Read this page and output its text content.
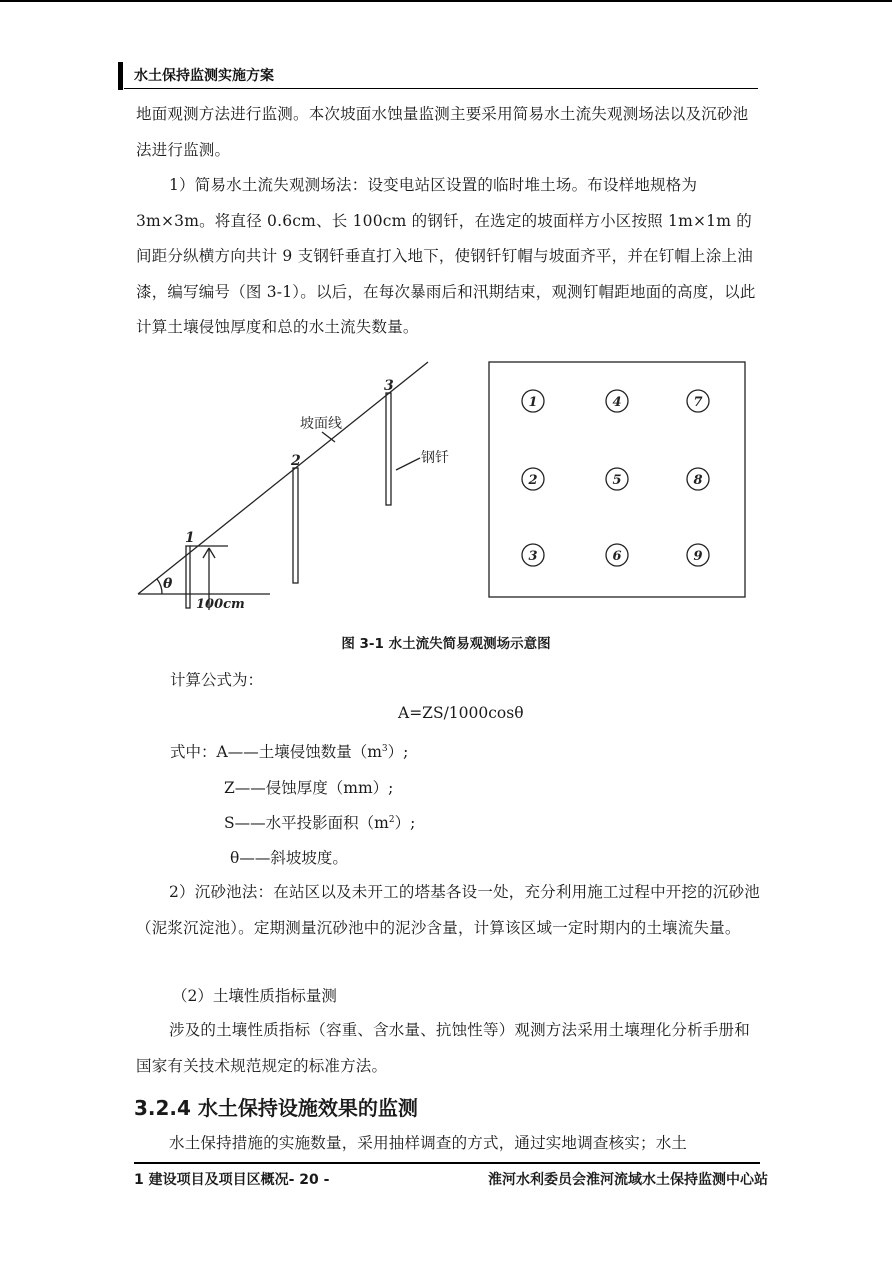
水土保持监测实施方案

地面观测方法进行监测。本次坡面水蚀量监测主要采用简易水土流失观测场法以及沉砂池法进行监测。

1）简易水土流失观测场法：设变电站区设置的临时堆土场。布设样地规格为 3m×3m。将直径 0.6cm、长 100cm 的钢钎，在选定的坡面样方小区按照 1m×1m 的间距分纵横方向共计 9 支钢钎垂直打入地下，使钢钎钉帽与坡面齐平，并在钉帽上涂上油漆，编写编号（图 3-1）。以后，在每次暴雨后和汛期结束，观测钉帽距地面的高度，以此计算土壤侵蚀厚度和总的水土流失数量。

坡面线
钢钎
1
2
3
θ
100cm
1	4	7
2	5	8
3	6	9
图 3-1 水土流失简易观测场示意图
计算公式为：
A=ZS/1000cosθ
式中：A——土壤侵蚀数量$(m^3)$;
Z——侵蚀厚度（mm）;
S——水平投影面积$(m^2)$;
θ——斜坡坡度。

2）沉砂池法：在站区以及未开工的塔基各设一处，充分利用施工过程中开挖的沉砂池（泥浆沉淀池）。定期测量沉砂池中的泥沙含量，计算该区域一定时期内的土壤流失量。

（2）土壤性质指标量测

涉及的土壤性质指标（容重、含水量、抗蚀性等）观测方法采用土壤理化分析手册和国家有关技术规范规定的标准方法。

3.2.4 水土保持设施效果的监测

水土保持措施的实施数量，采用抽样调查的方式，通过实地调查核实；水土

1 建设项目及项目区概况- 20 -	淮河水利委员会淮河流域水土保持监测中心站
